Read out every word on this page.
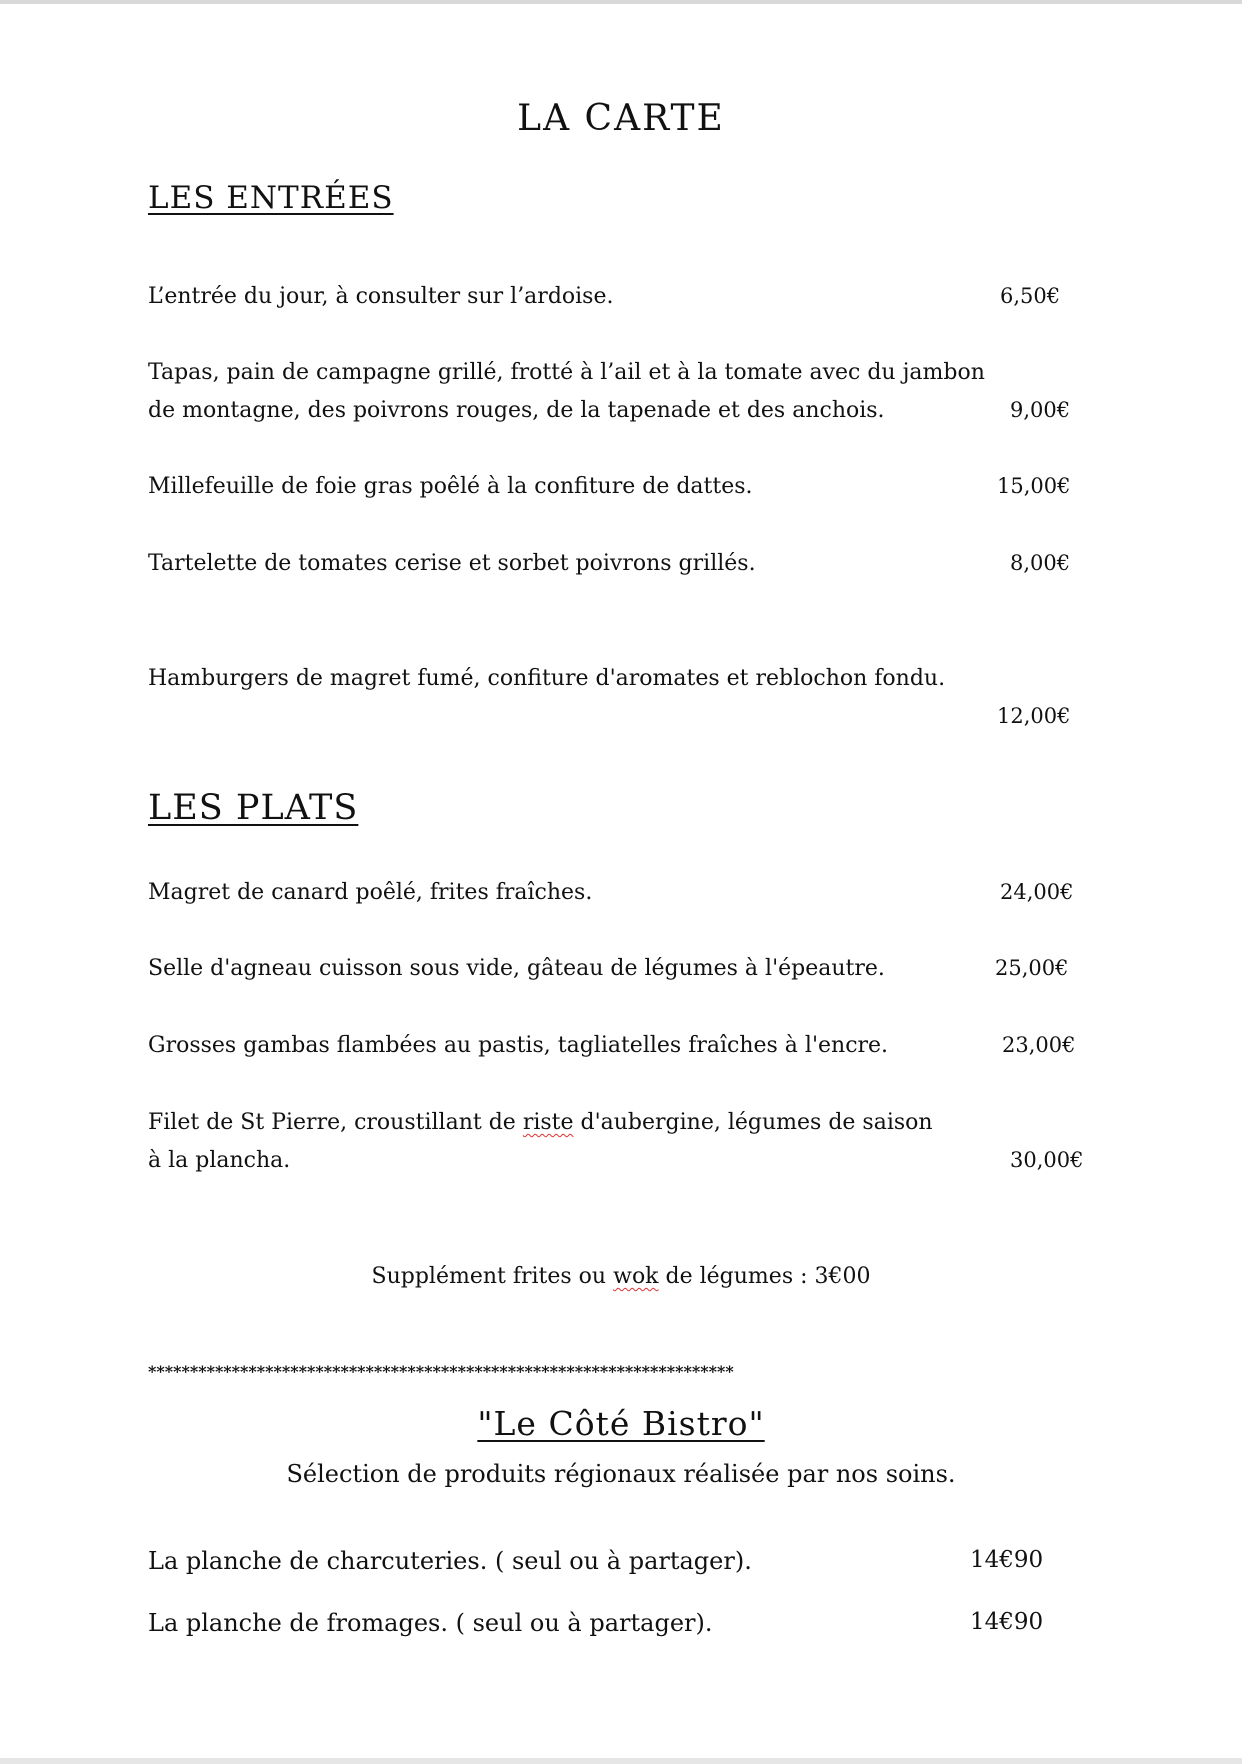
LA CARTE
LES ENTRÉES
L’entrée du jour, à consulter sur l’ardoise.	6,50€
Tapas, pain de campagne grillé, frotté à l’ail et à la tomate avec du jambon
de montagne, des poivrons rouges, de la tapenade et des anchois.	9,00€
Millefeuille de foie gras poêlé à la confiture de dattes.	15,00€
Tartelette de tomates cerise et sorbet poivrons grillés.	8,00€
Hamburgers de magret fumé, confiture d'aromates et reblochon fondu.
12,00€
LES PLATS
Magret de canard poêlé, frites fraîches.	24,00€
Selle d'agneau cuisson sous vide, gâteau de légumes à l'épeautre.	25,00€
Grosses gambas flambées au pastis, tagliatelles fraîches à l'encre.	23,00€
Filet de St Pierre, croustillant de riste d'aubergine, légumes de saison
à la plancha.	30,00€
Supplément frites ou wok de légumes : 3€00
**********************************************************************
"Le Côté Bistro"
Sélection de produits régionaux réalisée par nos soins.
La planche de charcuteries. ( seul ou à partager).	14€90
La planche de fromages. ( seul ou à partager).	14€90
